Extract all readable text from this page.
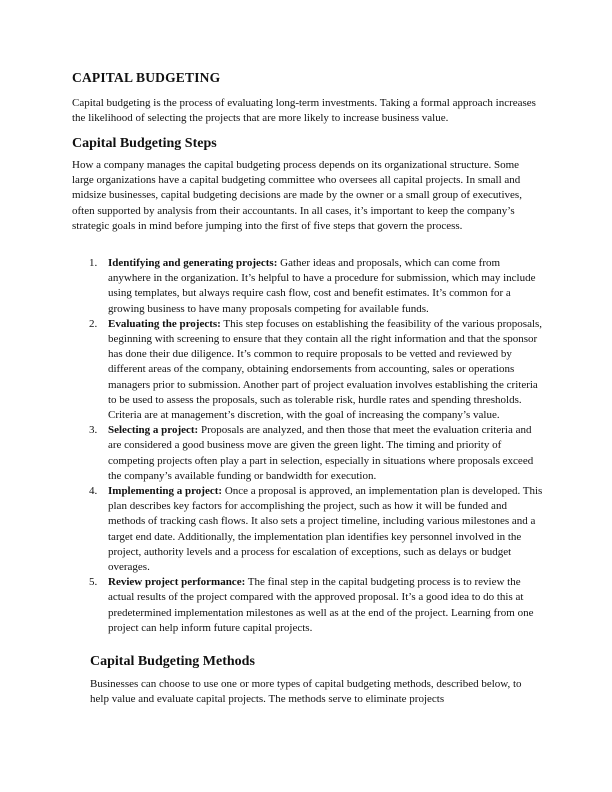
CAPITAL BUDGETING

Capital budgeting is the process of evaluating long-term investments. Taking a formal approach increases the likelihood of selecting the projects that are more likely to increase business value.

Capital Budgeting Steps

How a company manages the capital budgeting process depends on its organizational structure. Some large organizations have a capital budgeting committee who oversees all capital projects. In small and midsize businesses, capital budgeting decisions are made by the owner or a small group of executives, often supported by analysis from their accountants. In all cases, it’s important to keep the company’s strategic goals in mind before jumping into the first of five steps that govern the process.

1. Identifying and generating projects: Gather ideas and proposals, which can come from anywhere in the organization. It’s helpful to have a procedure for submission, which may include using templates, but always require cash flow, cost and benefit estimates. It’s common for a growing business to have many proposals competing for available funds.
2. Evaluating the projects: This step focuses on establishing the feasibility of the various proposals, beginning with screening to ensure that they contain all the right information and that the sponsor has done their due diligence. It’s common to require proposals to be vetted and reviewed by different areas of the company, obtaining endorsements from accounting, sales or operations managers prior to submission. Another part of project evaluation involves establishing the criteria to be used to assess the proposals, such as tolerable risk, hurdle rates and spending thresholds. Criteria are at management’s discretion, with the goal of increasing the company’s value.
3. Selecting a project: Proposals are analyzed, and then those that meet the evaluation criteria and are considered a good business move are given the green light. The timing and priority of competing projects often play a part in selection, especially in situations where proposals exceed the company’s available funding or bandwidth for execution.
4. Implementing a project: Once a proposal is approved, an implementation plan is developed. This plan describes key factors for accomplishing the project, such as how it will be funded and methods of tracking cash flows. It also sets a project timeline, including various milestones and a target end date. Additionally, the implementation plan identifies key personnel involved in the project, authority levels and a process for escalation of exceptions, such as delays or budget overages.
5. Review project performance: The final step in the capital budgeting process is to review the actual results of the project compared with the approved proposal. It’s a good idea to do this at predetermined implementation milestones as well as at the end of the project. Learning from one project can help inform future capital projects.
Capital Budgeting Methods

Businesses can choose to use one or more types of capital budgeting methods, described below, to help value and evaluate capital projects. The methods serve to eliminate projects
